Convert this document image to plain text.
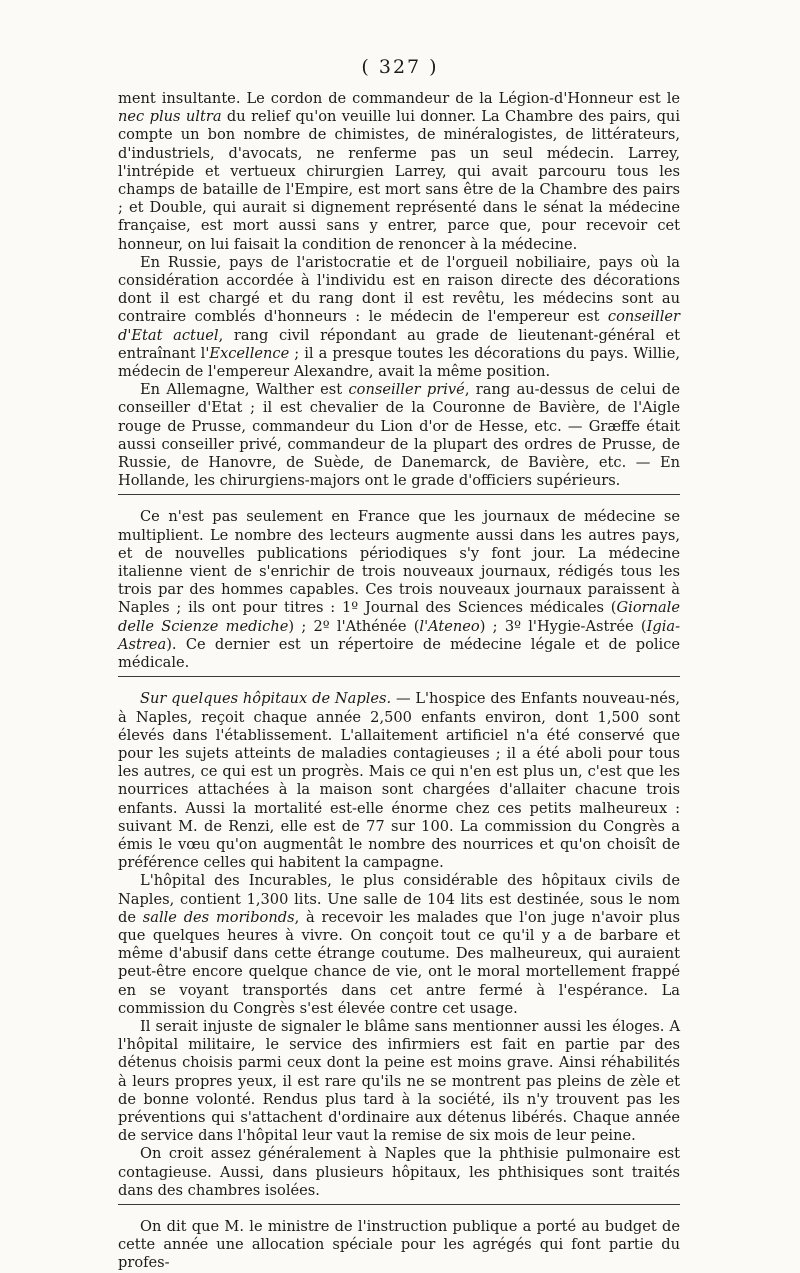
( 327 )

ment insultante. Le cordon de commandeur de la Légion-d'Honneur est le nec plus ultra du relief qu'on veuille lui donner. La Chambre des pairs, qui compte un bon nombre de chimistes, de minéralogistes, de littérateurs, d'industriels, d'avocats, ne renferme pas un seul médecin. Larrey, l'intrépide et vertueux chirurgien Larrey, qui avait parcouru tous les champs de bataille de l'Empire, est mort sans être de la Chambre des pairs ; et Double, qui aurait si dignement représenté dans le sénat la médecine française, est mort aussi sans y entrer, parce que, pour recevoir cet honneur, on lui faisait la condition de renoncer à la médecine.

En Russie, pays de l'aristocratie et de l'orgueil nobiliaire, pays où la considération accordée à l'individu est en raison directe des décorations dont il est chargé et du rang dont il est revêtu, les médecins sont au contraire comblés d'honneurs : le médecin de l'empereur est conseiller d'Etat actuel, rang civil répondant au grade de lieutenant-général et entraînant l'Excellence ; il a presque toutes les décorations du pays. Willie, médecin de l'empereur Alexandre, avait la même position.

En Allemagne, Walther est conseiller privé, rang au-dessus de celui de conseiller d'Etat ; il est chevalier de la Couronne de Bavière, de l'Aigle rouge de Prusse, commandeur du Lion d'or de Hesse, etc. — Græffe était aussi conseiller privé, commandeur de la plupart des ordres de Prusse, de Russie, de Hanovre, de Suède, de Danemarck, de Bavière, etc. — En Hollande, les chirurgiens-majors ont le grade d'officiers supérieurs.

Ce n'est pas seulement en France que les journaux de médecine se multiplient. Le nombre des lecteurs augmente aussi dans les autres pays, et de nouvelles publications périodiques s'y font jour. La médecine italienne vient de s'enrichir de trois nouveaux journaux, rédigés tous les trois par des hommes capables. Ces trois nouveaux journaux paraissent à Naples ; ils ont pour titres : 1º Journal des Sciences médicales (Giornale delle Scienze mediche) ; 2º l'Athénée (l'Ateneo) ; 3º l'Hygie-Astrée (Igia-Astrea). Ce dernier est un répertoire de médecine légale et de police médicale.

Sur quelques hôpitaux de Naples. — L'hospice des Enfants nouveau-nés, à Naples, reçoit chaque année 2,500 enfants environ, dont 1,500 sont élevés dans l'établissement. L'allaitement artificiel n'a été conservé que pour les sujets atteints de maladies contagieuses ; il a été aboli pour tous les autres, ce qui est un progrès. Mais ce qui n'en est plus un, c'est que les nourrices attachées à la maison sont chargées d'allaiter chacune trois enfants. Aussi la mortalité est-elle énorme chez ces petits malheureux : suivant M. de Renzi, elle est de 77 sur 100. La commission du Congrès a émis le vœu qu'on augmentât le nombre des nourrices et qu'on choisît de préférence celles qui habitent la campagne.

L'hôpital des Incurables, le plus considérable des hôpitaux civils de Naples, contient 1,300 lits. Une salle de 104 lits est destinée, sous le nom de salle des moribonds, à recevoir les malades que l'on juge n'avoir plus que quelques heures à vivre. On conçoit tout ce qu'il y a de barbare et même d'abusif dans cette étrange coutume. Des malheureux, qui auraient peut-être encore quelque chance de vie, ont le moral mortellement frappé en se voyant transportés dans cet antre fermé à l'espérance. La commission du Congrès s'est élevée contre cet usage.

Il serait injuste de signaler le blâme sans mentionner aussi les éloges. A l'hôpital militaire, le service des infirmiers est fait en partie par des détenus choisis parmi ceux dont la peine est moins grave. Ainsi réhabilités à leurs propres yeux, il est rare qu'ils ne se montrent pas pleins de zèle et de bonne volonté. Rendus plus tard à la société, ils n'y trouvent pas les préventions qui s'attachent d'ordinaire aux détenus libérés. Chaque année de service dans l'hôpital leur vaut la remise de six mois de leur peine.

On croit assez généralement à Naples que la phthisie pulmonaire est contagieuse. Aussi, dans plusieurs hôpitaux, les phthisiques sont traités dans des chambres isolées.

On dit que M. le ministre de l'instruction publique a porté au budget de cette année une allocation spéciale pour les agrégés qui font partie du profes-
